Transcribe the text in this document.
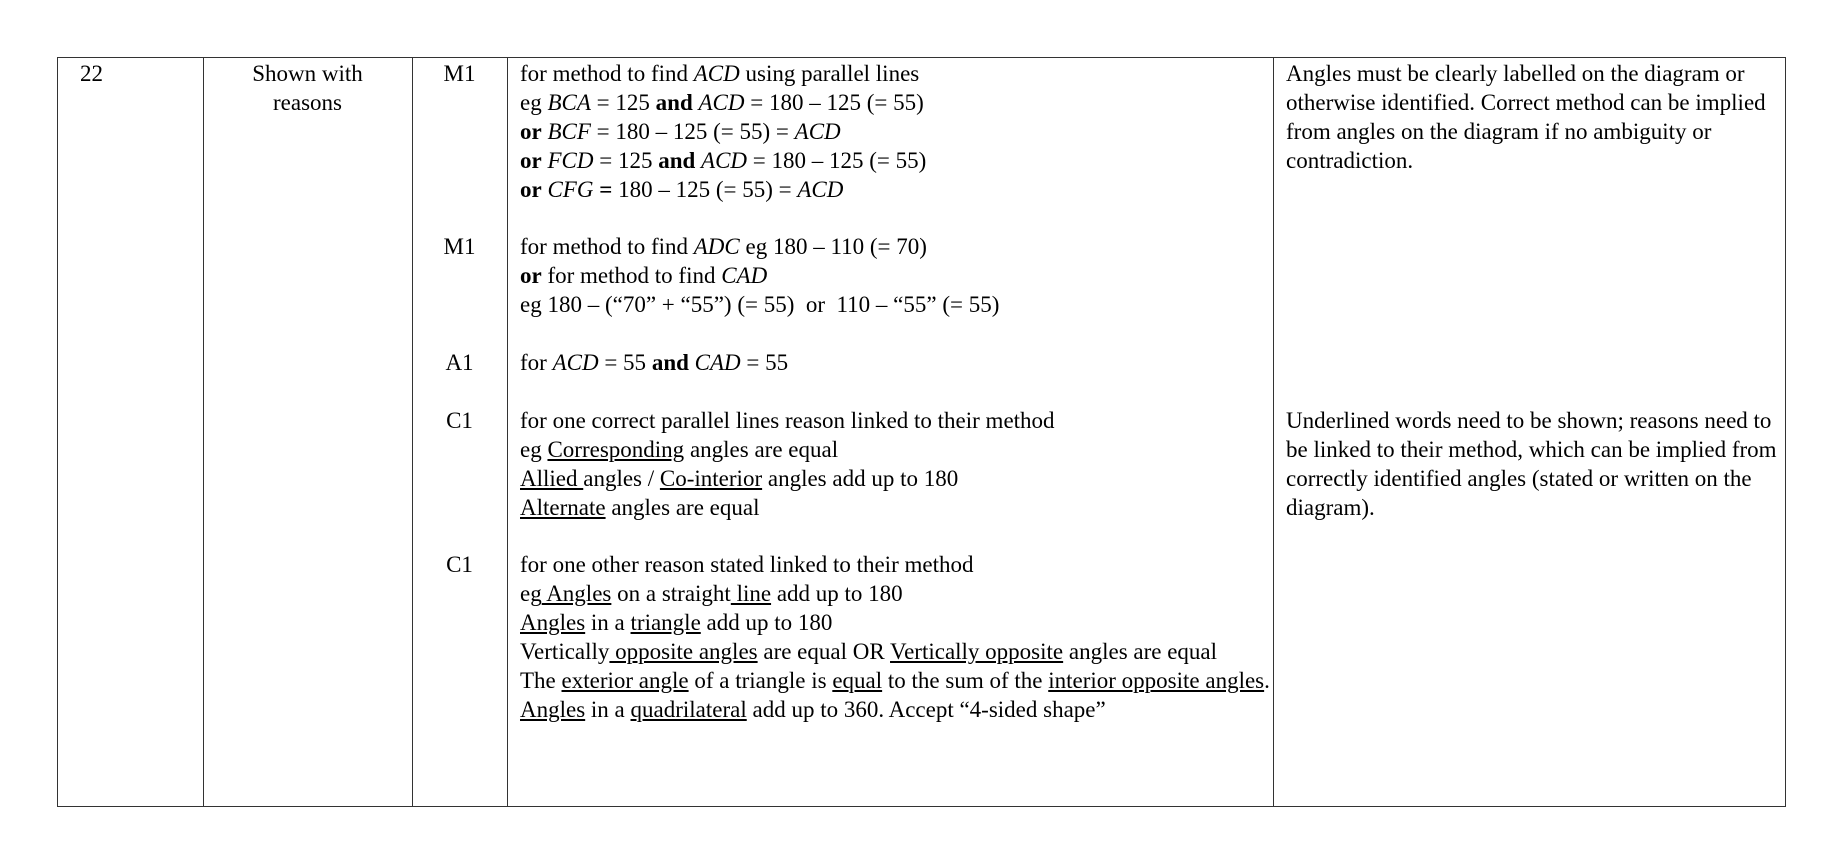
22	Shown with
reasons
M1
M1
A1
C1
C1
for method to find ACD using parallel lines
eg BCA = 125 and ACD = 180 – 125 (= 55)
or BCF = 180 – 125 (= 55) = ACD
or FCD = 125 and ACD = 180 – 125 (= 55)
or CFG = 180 – 125 (= 55) = ACD
for method to find ADC eg 180 – 110 (= 70)
or for method to find CAD
eg 180 – (“70” + “55”) (= 55)  or  110 – “55” (= 55)
for ACD = 55 and CAD = 55
for one correct parallel lines reason linked to their method
eg Corresponding angles are equal
Allied angles / Co-interior angles add up to 180
Alternate angles are equal
for one other reason stated linked to their method
eg Angles on a straight line add up to 180
Angles in a triangle add up to 180
Vertically opposite angles are equal OR Vertically opposite angles are equal
The exterior angle of a triangle is equal to the sum of the interior opposite angles.
Angles in a quadrilateral add up to 360. Accept “4-sided shape”
Angles must be clearly labelled on the diagram or otherwise identified. Correct method can be implied from angles on the diagram if no ambiguity or contradiction.
Underlined words need to be shown; reasons need to be linked to their method, which can be implied from correctly identified angles (stated or written on the diagram).
